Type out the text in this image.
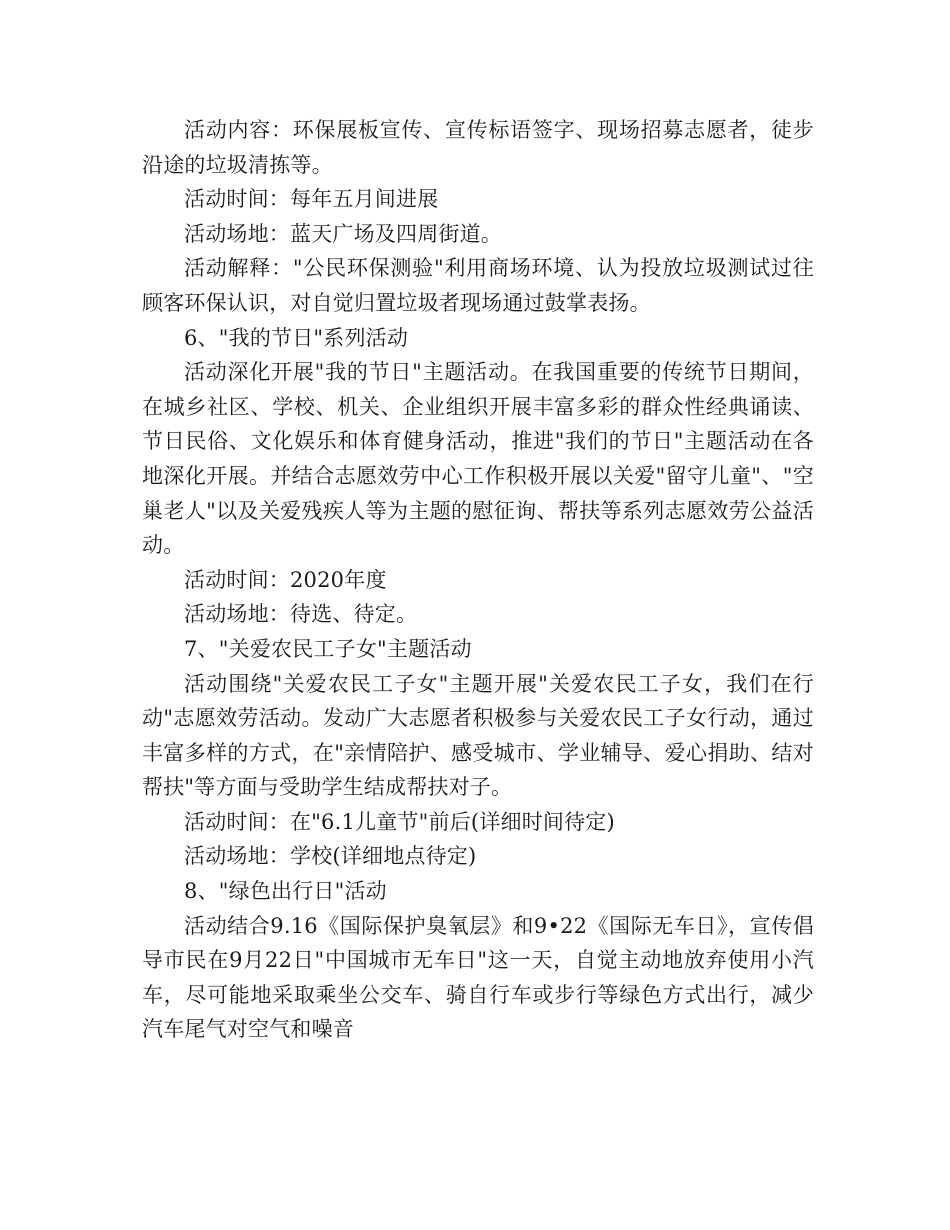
活动内容：环保展板宣传、宣传标语签字、现场招募志愿者，徒步沿途的垃圾清拣等。

活动时间：每年五月间进展

活动场地：蓝天广场及四周街道。

活动解释："公民环保测验"利用商场环境、认为投放垃圾测试过往顾客环保认识，对自觉归置垃圾者现场通过鼓掌表扬。

6、"我的节日"系列活动

活动深化开展"我的节日"主题活动。在我国重要的传统节日期间，在城乡社区、学校、机关、企业组织开展丰富多彩的群众性经典诵读、节日民俗、文化娱乐和体育健身活动，推进"我们的节日"主题活动在各地深化开展。并结合志愿效劳中心工作积极开展以关爱"留守儿童"、"空巢老人"以及关爱残疾人等为主题的慰征询、帮扶等系列志愿效劳公益活动。

活动时间：2020年度

活动场地：待选、待定。

7、"关爱农民工子女"主题活动

活动围绕"关爱农民工子女"主题开展"关爱农民工子女，我们在行动"志愿效劳活动。发动广大志愿者积极参与关爱农民工子女行动，通过丰富多样的方式，在"亲情陪护、感受城市、学业辅导、爱心捐助、结对帮扶"等方面与受助学生结成帮扶对子。

活动时间：在"6.1儿童节"前后(详细时间待定)

活动场地：学校(详细地点待定)

8、"绿色出行日"活动

活动结合9.16《国际保护臭氧层》和9•22《国际无车日》，宣传倡导市民在9月22日"中国城市无车日"这一天，自觉主动地放弃使用小汽车，尽可能地采取乘坐公交车、骑自行车或步行等绿色方式出行，减少汽车尾气对空气和噪音
